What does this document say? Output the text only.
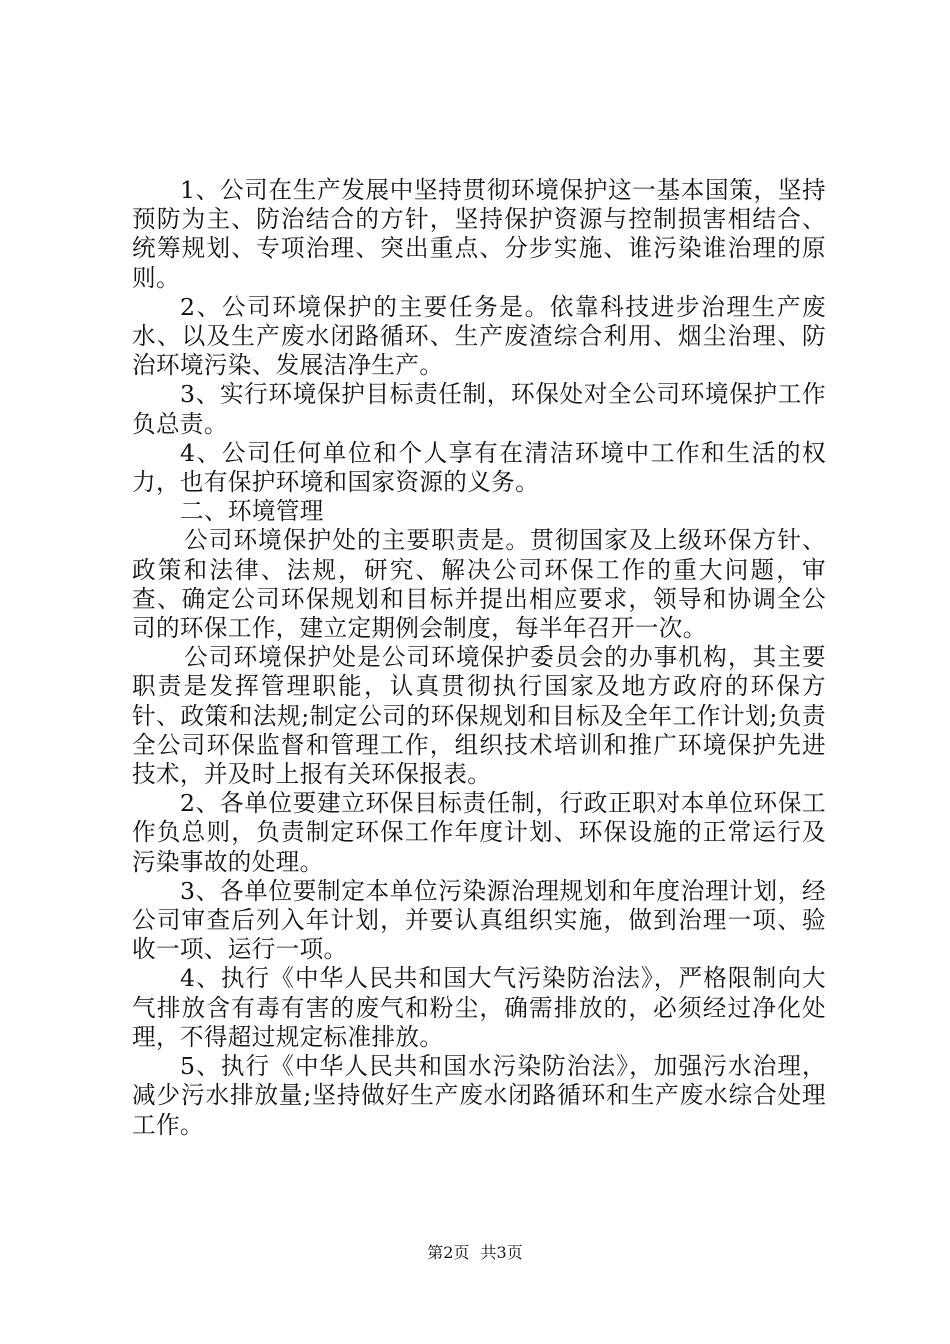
1、公司在生产发展中坚持贯彻环境保护这一基本国策，坚持预防为主、防治结合的方针，坚持保护资源与控制损害相结合、统筹规划、专项治理、突出重点、分步实施、谁污染谁治理的原则。

2、公司环境保护的主要任务是。依靠科技进步治理生产废水、以及生产废水闭路循环、生产废渣综合利用、烟尘治理、防治环境污染、发展洁净生产。

3、实行环境保护目标责任制，环保处对全公司环境保护工作负总责。

4、公司任何单位和个人享有在清洁环境中工作和生活的权力，也有保护环境和国家资源的义务。

二、环境管理

公司环境保护处的主要职责是。贯彻国家及上级环保方针、政策和法律、法规，研究、解决公司环保工作的重大问题，审查、确定公司环保规划和目标并提出相应要求，领导和协调全公司的环保工作，建立定期例会制度，每半年召开一次。

公司环境保护处是公司环境保护委员会的办事机构，其主要职责是发挥管理职能，认真贯彻执行国家及地方政府的环保方针、政策和法规;制定公司的环保规划和目标及全年工作计划;负责全公司环保监督和管理工作，组织技术培训和推广环境保护先进技术，并及时上报有关环保报表。

2、各单位要建立环保目标责任制，行政正职对本单位环保工作负总则，负责制定环保工作年度计划、环保设施的正常运行及污染事故的处理。

3、各单位要制定本单位污染源治理规划和年度治理计划，经公司审查后列入年计划，并要认真组织实施，做到治理一项、验收一项、运行一项。

4、执行《中华人民共和国大气污染防治法》，严格限制向大气排放含有毒有害的废气和粉尘，确需排放的，必须经过净化处理，不得超过规定标准排放。

5、执行《中华人民共和国水污染防治法》，加强污水治理，减少污水排放量;坚持做好生产废水闭路循环和生产废水综合处理工作。

第2页 共3页
